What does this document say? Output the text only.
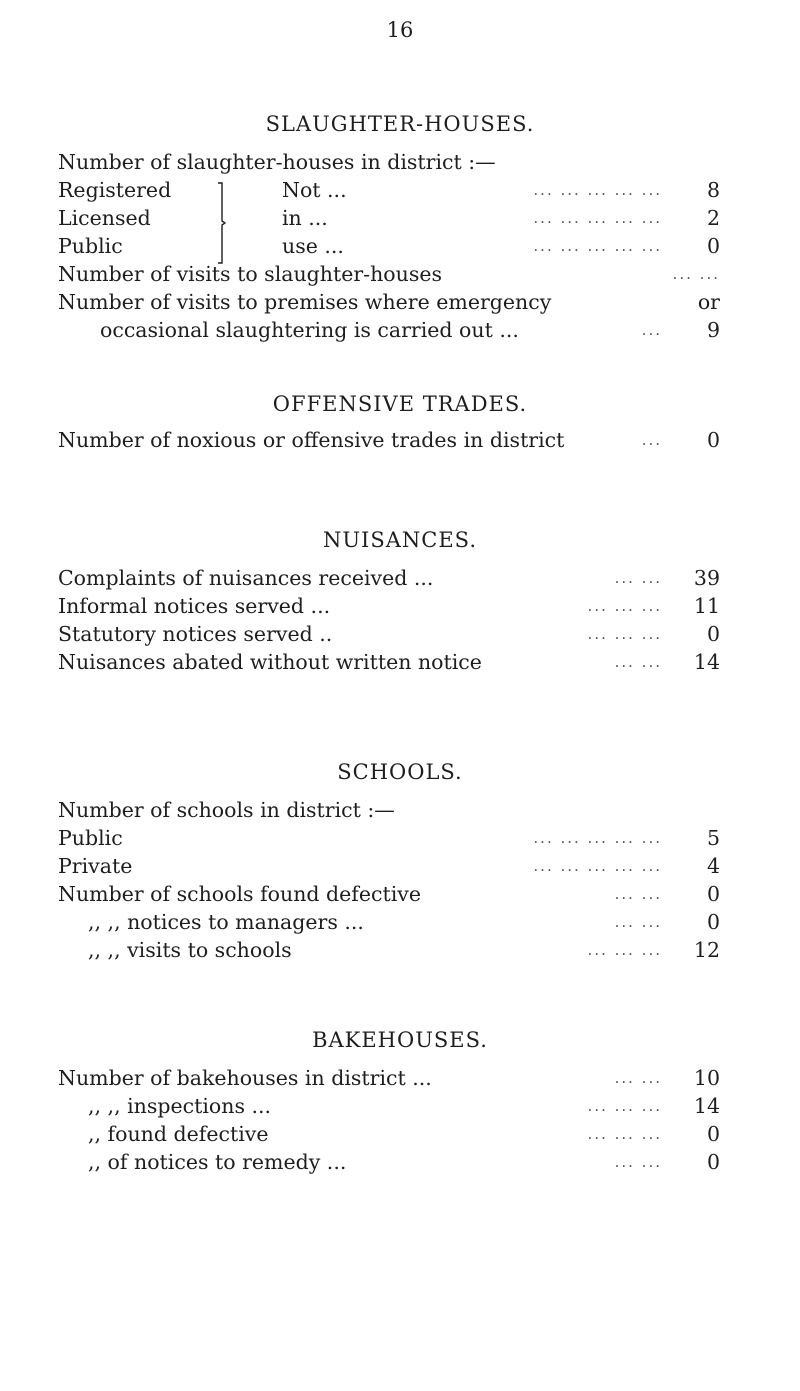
16
SLAUGHTER-HOUSES.
Number of slaughter-houses in district :—
Registered	Not ...	... ... ... ... ...	8
Licensed	in ...	... ... ... ... ...	2
Public	use ...	... ... ... ... ...	0
Number of visits to slaughter-houses	... ...
Number of visits to premises where emergency	or
occasional slaughtering is carried out ...	...	9
OFFENSIVE TRADES.
Number of noxious or offensive trades in district	...	0
NUISANCES.
Complaints of nuisances received ...	... ...	39
Informal notices served ...	... ... ...	11
Statutory notices served ..	... ... ...	0
Nuisances abated without written notice	... ...	14
SCHOOLS.
Number of schools in district :—
Public	... ... ... ... ...	5
Private	... ... ... ... ...	4
Number of schools found defective	... ...	0
,, ,, notices to managers ...	... ...	0
,, ,, visits to schools	... ... ...	12
BAKEHOUSES.
Number of bakehouses in district ...	... ...	10
,, ,, inspections ...	... ... ...	14
,, found defective	... ... ...	0
,, of notices to remedy ...	... ...	0
